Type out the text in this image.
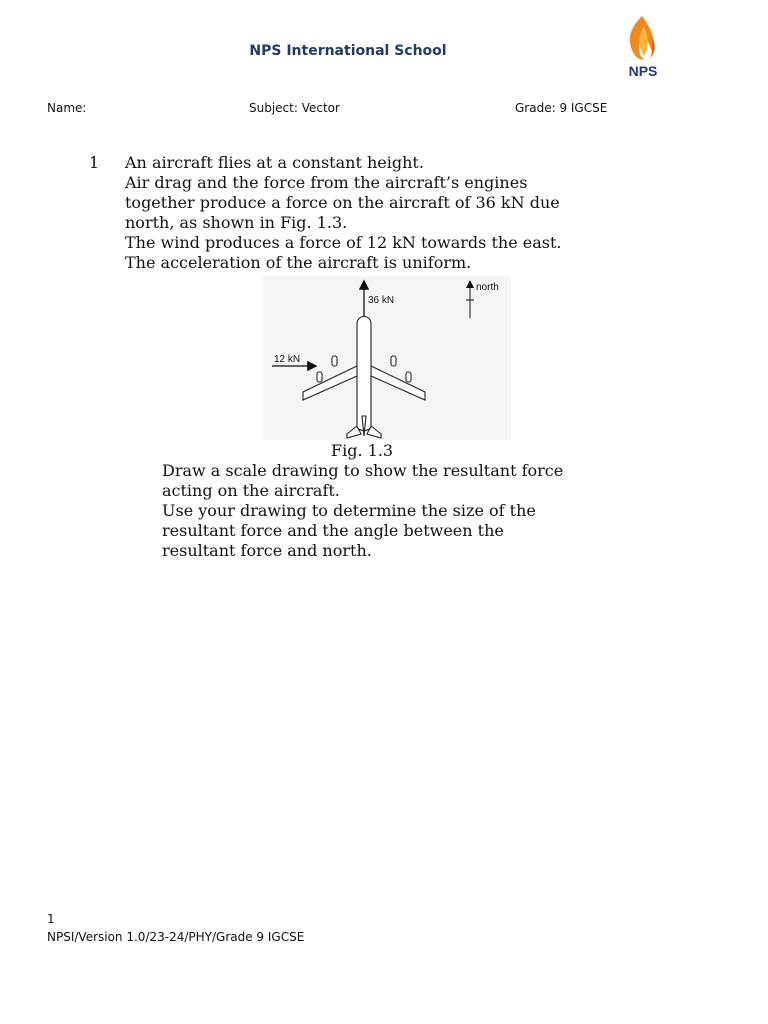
NPS International School
NPS
Name:	Subject: Vector	Grade: 9 IGCSE
1 An aircraft flies at a constant height.
Air drag and the force from the aircraft’s engines
together produce a force on the aircraft of 36 kN due
north, as shown in Fig. 1.3.
The wind produces a force of 12 kN towards the east.
The acceleration of the aircraft is uniform.
36 kN
12 kN
north
Fig. 1.3
Draw a scale drawing to show the resultant force
acting on the aircraft.
Use your drawing to determine the size of the
resultant force and the angle between the
resultant force and north.
1
NPSI/Version 1.0/23-24/PHY/Grade 9 IGCSE
